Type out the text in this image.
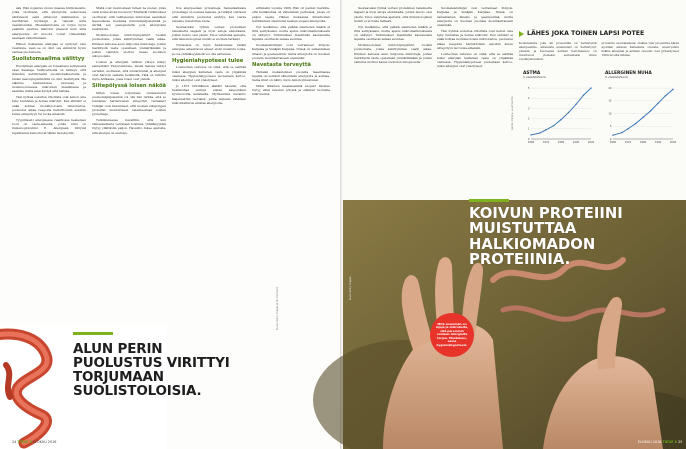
sää. Hän nojautuu muun muassa hiirikokeisiin, jotka osoittavat, että allergioita eukeroissa aktiivisesti sekä pilkkovat käärmeiden ja merihiirien myrkkyjä ja tekevät niitä vaarattomiksi. Mielenkiintoista on torjuu myös paahtiin puuttua mikrobit yleisesti kuin mitä allergioiden eri muodot voivat viimeistään saamaan vaikuttamaan.

Hänen mukaansa allergiaa ei syntynyt vain reaktiona, vaan se on ollut osa elimistön hyvin vanhaa puolustusta.

Suolistomaailma välittyy

Hyödyllisen allergian en toisaalteisi selityksenä vaan haastaja. Vaihtoehtoilla on tärkeys, että ihmisten kehittyneillä suolistobakteereilla ja niiden kasvuympäristöillä on ollut merkitystä. Me elämme keskuudessa suuressa ja monimuotoisessa mikrobien maailmassa ja saamme niistä sekä hyötyä että haittaa.

Yksi nyhteä sodeltua vihollista ovat kehon oma kyky tunnistaa ja hoitaa mikrobit. Kun elimistö ei enää kohtaa monimuotoista mikrobistoa, puolustus alkaa reagoida harmittomiin asioihin kuten siitepölyyn tai ruoka-aineisiin.

Tyypillisesti allergisessa reaktiossa keskeinen rooli on vasta-aineella, jonka nimi on immunoglobuliini E. Allergiaan liittyvät tapahtumat kietoutuvat tähän molekyyliin.

Mistä ovat luonnostaan tulleet ne pienet, jotka eivät koske aivan huonoon? Edeltävät tutkimukset osoittavat, että vaihtelevien mikrobien saaminen lapsuudessa muokkaa immuunijärjestelmää ja siirtää sen painopistettä pois allergisista reaktioista.

Monimuotoinen mikrobiympäristö ruokkii puolustusta, jonka kehittyminen vaatii aikaa. Ihmisen kehossa asuu miljoonia mikrobeja, joiden merkitystä vasta opetellaan ymmärtämään ja joiden vaikutus ulottuu kauas suoliston ulkopuolelle.

Loisten ja allergian välinen yhteys näkyy esimerkiksi Yhdysvalloissa, missä maissa tehdyt vertailut osoittavat, että loistartunnat ja allergiat ovat harvoin samalla henkilöllä. Tätä on tutkittu myös Afrikassa, jossa loiset ovat yleisiä.

Siitepölyssä loisen näköä

Miten loisen torjuntaan omistautunut puolustusjärjestelmä voi olla niin tarkka, että se tunnistaa harmittoman siitepölyn vieraaksi? Tutkijat ovat havainneet, että monien siitepölyjen proteiinit muistuttavat rakenteeltaan loisten proteiineja.

Tutkimuksessa havaittiin, että kun valkuaisaineita verrataan toisiinsa, yhtäläisyyksiä löytyy yllättävän paljon. Havainto tukee ajatusta, että allergia on erehdys.

tiva allergeenien proteiineja. Samankaltaisia proteiineja on useissa lajeissa, ja tutkijat olettavat että elimistön puolustus erehtyy, kun vieras rakenne muistuttaa loista.

Seuraavaksi ryhmä vertasi proteiinien rakennetta laajasti ja löysi satoja ehdokkaita, joiden muoto osui yksiin. Tulos vahvistaa ajatusta, että immunologinen muisti ei erottele tarkasti.

Tuloksissa on myös heikkouksia: kaikki allergiaa aiheuttavat aineet eivät muistuta loisia, ja osa yhtäläisyyksistä voi olla sattumaa.

Hygieniahypoteesi tulee

Loisteorian vahvuus on siinä, että se selittää miksi allergian kaltainen vaste on ylipäänsä olemassa. Hygieniahypoteesi puolestaan kertoo, miksi allergiat ovat yleistyneet.

Jo 1873 brittiläinen lääkäri havaitsi, että heinänuhaa esiintyi eniten kaupunkien hyvinvoivilla asukkailla. Myöhemmin havainto laajennettiin teoriaksi, jonka mukaan vähäinen mikrobialtistus altistaa allergioille.

artikkelin vuonna 1989. Hän oli pannut merkille, että heinänuhaa oli vähemmän perheissä, joissa oli paljon lapsia. Hänen mukaansa infektioiden levittäminen sisarusten kesken suojasi allergioilta.

Nyt tiedämme, että pelkkä sisarusten määrä ei riitä selitykseksi, mutta ajatus mikrobialtistuksesta on säilynyt. Tutkimukset maatiloilla kasvaneista lapsista osoittavat samaa suuntaa.

Suomalaistutkijat ovat verranneet Pohjois-Karjalaa ja Venäjän Karjalaa. Niissä on samanlainen ilmasto ja geeniperimä, mutta allergioita on Suomen puolella moninkertaisesti enemmän.

Navetasta terveyttä

Tärkeää mekanismien puolelta maailmassa lapsilla oli selvästi vähemmän allergioita ja astmaa. Sama ilmiö on nähty myös Amish-yhteisöissä.

Miksi tällainen maalaiselämä suojaa? Vastaus löytyy ehkä navetan pölystä ja eläinten tuomista mikrobeista.

ALUN PERIN PUOLUSTUS VIRITTYI TORJUMAAN SUOLISTOLOISIA.
24 TIEDE 8 ELOKUU 2016

Seuraavaksi ryhmä vertasi proteiinien rakennetta laajasti ja löysi satoja ehdokkaita, joiden muoto osui yksiin. Tulos vahvistaa ajatusta, että immunologinen muisti ei erottele tarkasti.

Nyt tiedämme, että pelkkä sisarusten määrä ei riitä selitykseksi, mutta ajatus mikrobialtistuksesta on säilynyt. Tutkimukset maatiloilla kasvaneista lapsista osoittavat samaa suuntaa.

Monimuotoinen mikrobiympäristö ruokkii puolustusta, jonka kehittyminen vaatii aikaa. Ihmisen kehossa asuu miljoonia mikrobeja, joiden merkitystä vasta opetellaan ymmärtämään ja joiden vaikutus ulottuu kauas suoliston ulkopuolelle.

Suomalaistutkijat ovat verranneet Pohjois-Karjalaa ja Venäjän Karjalaa. Niissä on samanlainen ilmasto ja geeniperimä, mutta allergioita on Suomen puolella moninkertaisesti enemmän.

Yksi nyhteä sodeltua vihollista ovat kehon oma kyky tunnistaa ja hoitaa mikrobit. Kun elimistö ei enää kohtaa monimuotoista mikrobistoa, puolustus alkaa reagoida harmittomiin asioihin kuten siitepölyyn tai ruoka-aineisiin.

Loisteorian vahvuus on siinä, että se selittää miksi allergian kaltainen vaste on ylipäänsä olemassa. Hygieniahypoteesi puolestaan kertoo, miksi allergiat ovat yleistyneet.

LÄHES JOKA TOINEN LAPSI POTEE
Koululaisista joka 40 prosentilla on herkistymä allergeenille. Aikuisista enemmistö on herkistynyt jollekin, ja Suomessa astman harvinaisuus on muuttunut yleiseksi sairaudeksi viime vuosikymmeninä.
prosentin suomalaisista. Lisäksi viisi prosenttia kärsii ajoittain astman kaltaisista oireista. Aneurysmin lisäksi allergian ja astman osuudet ovat jyrkentyneet 1960-luvulta lähtien.
Lähde: Allergia- ja astmaliitto
ASTMA
% väestöstä/Suomi
0
1
2
3
4
5
1960	1970	1980	1990	2000
ALLERGINEN NUHA
% väestöstä/Suomi
0
5
10
15
20
1960	1970	1980	1990	2000
Kuva: Getty Images
KOIVUN PROTEIINI MUISTUTTAA HALKIOMADON PROTEIINIA.
Mitä enemmän on lajeja ja mikrobeita, sitä paremmin voidaan allergioita torjua. Maatalous, sama hygieniahypoteesi.
ELOKUU 2016 TIEDE 8 25
Kuvat: Getty Images ja Shutterstock
